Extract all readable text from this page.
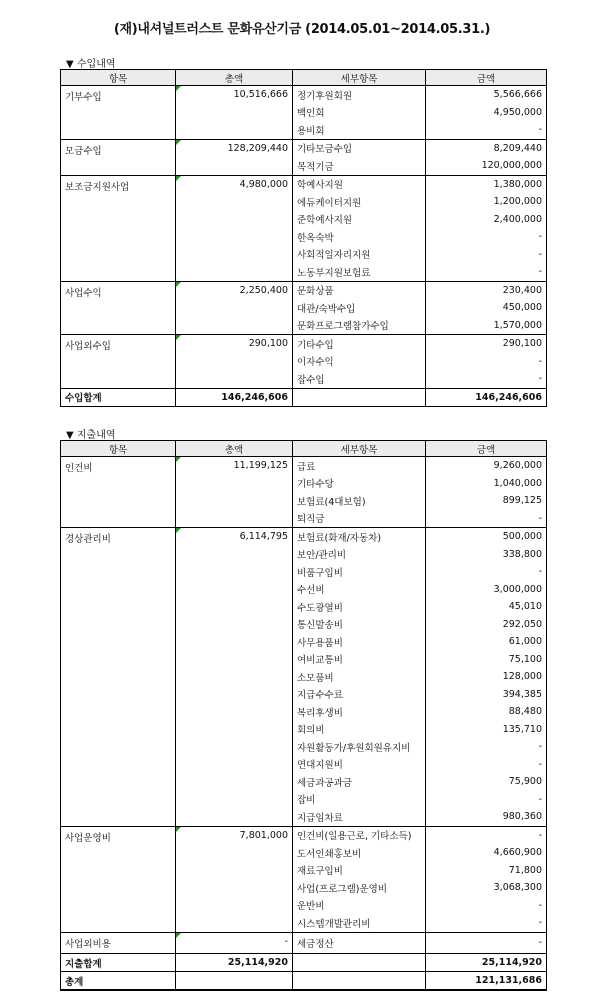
(재)내셔널트러스트 문화유산기금 (2014.05.01~2014.05.31.)
▼ 수입내역
항목	총액	세부항목	금액
기부수입	10,516,666	정기후원회원	5,566,666
		백인회	4,950,000
		용비회	-
모금수입	128,209,440	기타모금수입	8,209,440
		목적기금	120,000,000
보조금지원사업	4,980,000	학예사지원	1,380,000
		에듀케이터지원	1,200,000
		준학예사지원	2,400,000
		한옥숙박	-
		사회적일자리지원	-
		노동부지원보험료	-
사업수익	2,250,400	문화상품	230,400
		대관/숙박수입	450,000
		문화프로그램참가수입	1,570,000
사업외수입	290,100	기타수입	290,100
		이자수익	-
		잡수입	-
수입합계	146,246,606		146,246,606
▼ 지출내역
항목	총액	세부항목	금액
인건비	11,199,125	급료	9,260,000
		기타수당	1,040,000
		보험료(4대보험)	899,125
		퇴직금	-
경상관리비	6,114,795	보험료(화재/자동차)	500,000
		보안/관리비	338,800
		비품구입비	-
		수선비	3,000,000
		수도광열비	45,010
		통신발송비	292,050
		사무용품비	61,000
		여비교통비	75,100
		소모품비	128,000
		지급수수료	394,385
		복리후생비	88,480
		회의비	135,710
		자원활동가/후원회원유지비	-
		연대지원비	-
		세금과공과금	75,900
		잡비	-
		지급임차료	980,360
사업운영비	7,801,000	인건비(일용근로, 기타소득)	-
		도서인쇄홍보비	4,660,900
		재료구입비	71,800
		사업(프로그램)운영비	3,068,300
		운반비	-
		시스템개발관리비	-
사업외비용	-	세금정산	-
지출합계	25,114,920		25,114,920
총계			121,131,686
